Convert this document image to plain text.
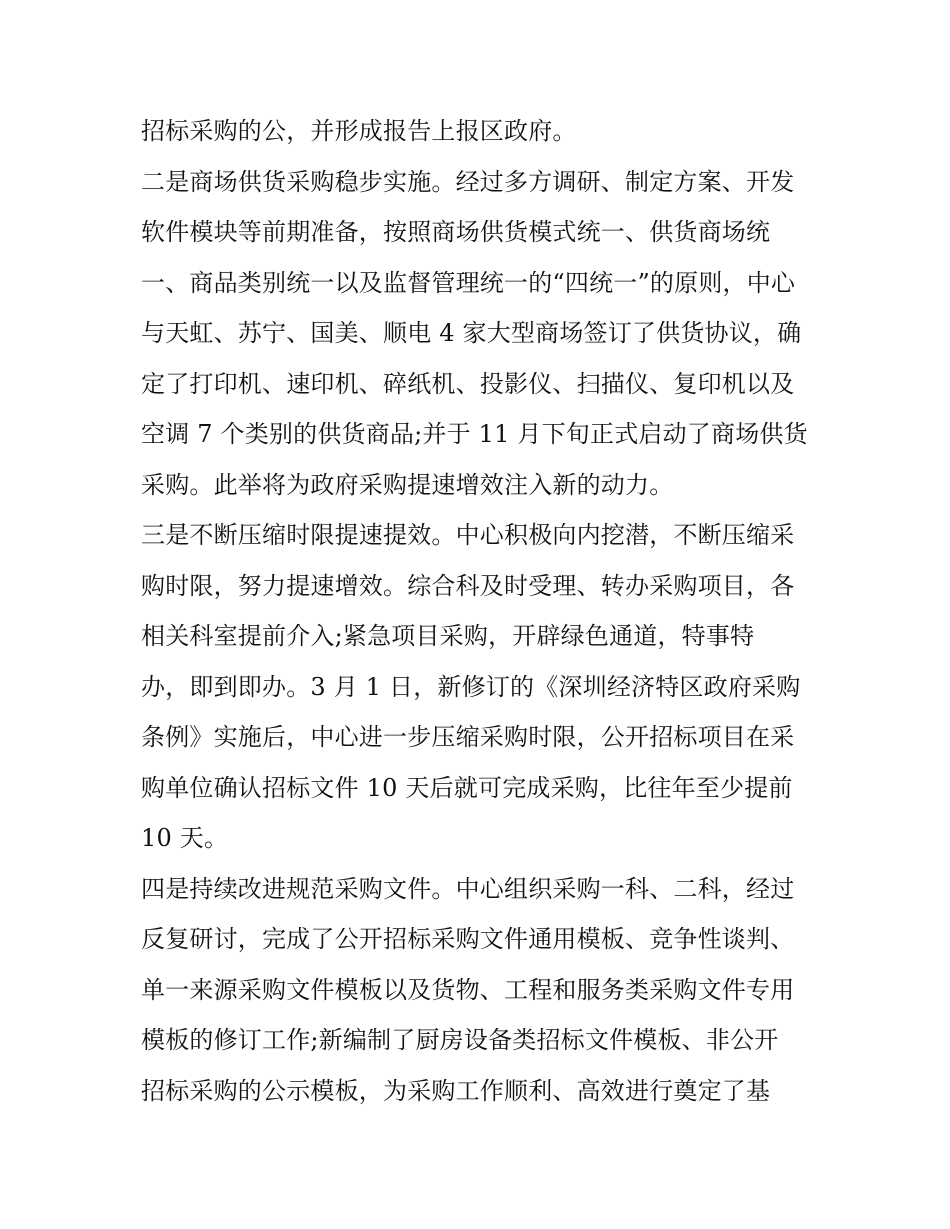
招标采购的公，并形成报告上报区政府。
二是商场供货采购稳步实施。经过多方调研、制定方案、开发
软件模块等前期准备，按照商场供货模式统一、供货商场统
一、商品类别统一以及监督管理统一的“四统一”的原则，中心
与天虹、苏宁、国美、顺电 4 家大型商场签订了供货协议，确
定了打印机、速印机、碎纸机、投影仪、扫描仪、复印机以及
空调 7 个类别的供货商品;并于 11 月下旬正式启动了商场供货
采购。此举将为政府采购提速增效注入新的动力。
三是不断压缩时限提速提效。中心积极向内挖潜，不断压缩采
购时限，努力提速增效。综合科及时受理、转办采购项目，各
相关科室提前介入;紧急项目采购，开辟绿色通道，特事特
办，即到即办。3 月 1 日，新修订的《深圳经济特区政府采购
条例》实施后，中心进一步压缩采购时限，公开招标项目在采
购单位确认招标文件 10 天后就可完成采购，比往年至少提前
10 天。
四是持续改进规范采购文件。中心组织采购一科、二科，经过
反复研讨，完成了公开招标采购文件通用模板、竞争性谈判、
单一来源采购文件模板以及货物、工程和服务类采购文件专用
模板的修订工作;新编制了厨房设备类招标文件模板、非公开
招标采购的公示模板，为采购工作顺利、高效进行奠定了基
